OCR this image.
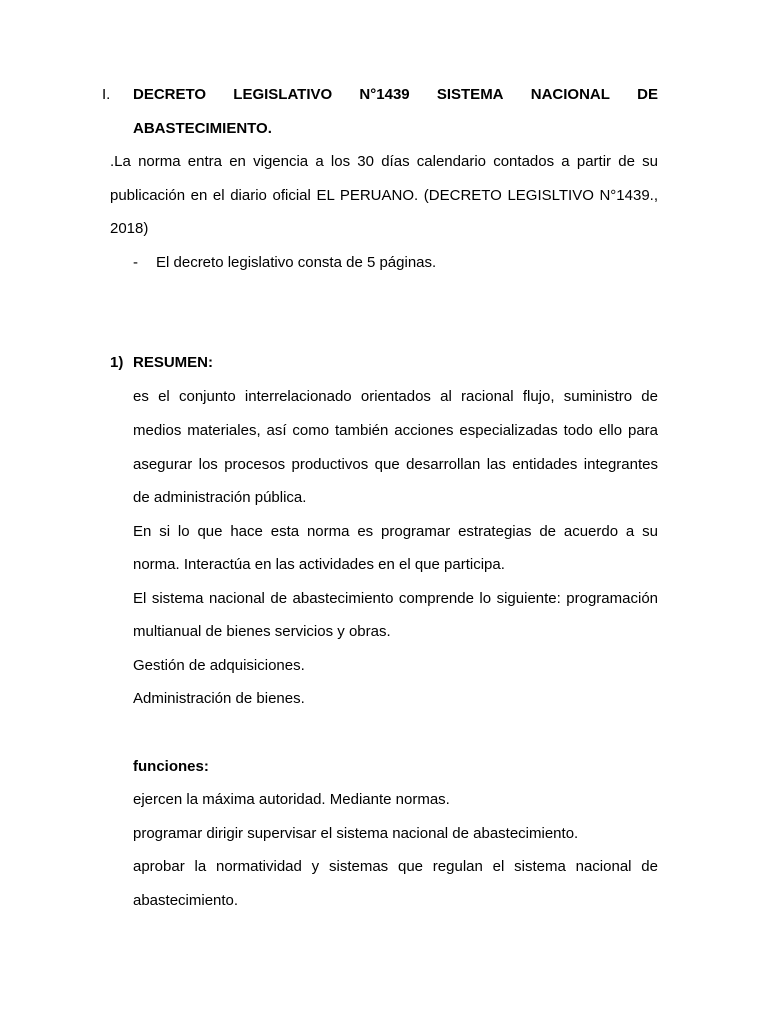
I. DECRETO LEGISLATIVO N°1439 SISTEMA NACIONAL DE
ABASTECIMIENTO.
.La norma entra en vigencia a los 30 días calendario contados a partir de su
publicación en el diario oficial EL PERUANO. (DECRETO LEGISLTIVO N°1439.,
2018)
- El decreto legislativo consta de 5 páginas.
1) RESUMEN:
es el conjunto interrelacionado orientados al racional flujo, suministro de
medios materiales, así como también acciones especializadas todo ello para
asegurar los procesos productivos que desarrollan las entidades integrantes
de administración pública.
En si lo que hace esta norma es programar estrategias de acuerdo a su
norma. Interactúa en las actividades en el que participa.
El sistema nacional de abastecimiento comprende lo siguiente: programación
multianual de bienes servicios y obras.
Gestión de adquisiciones.
Administración de bienes.
funciones:
ejercen la máxima autoridad. Mediante normas.
programar dirigir supervisar el sistema nacional de abastecimiento.
aprobar la normatividad y sistemas que regulan el sistema nacional de
abastecimiento.
